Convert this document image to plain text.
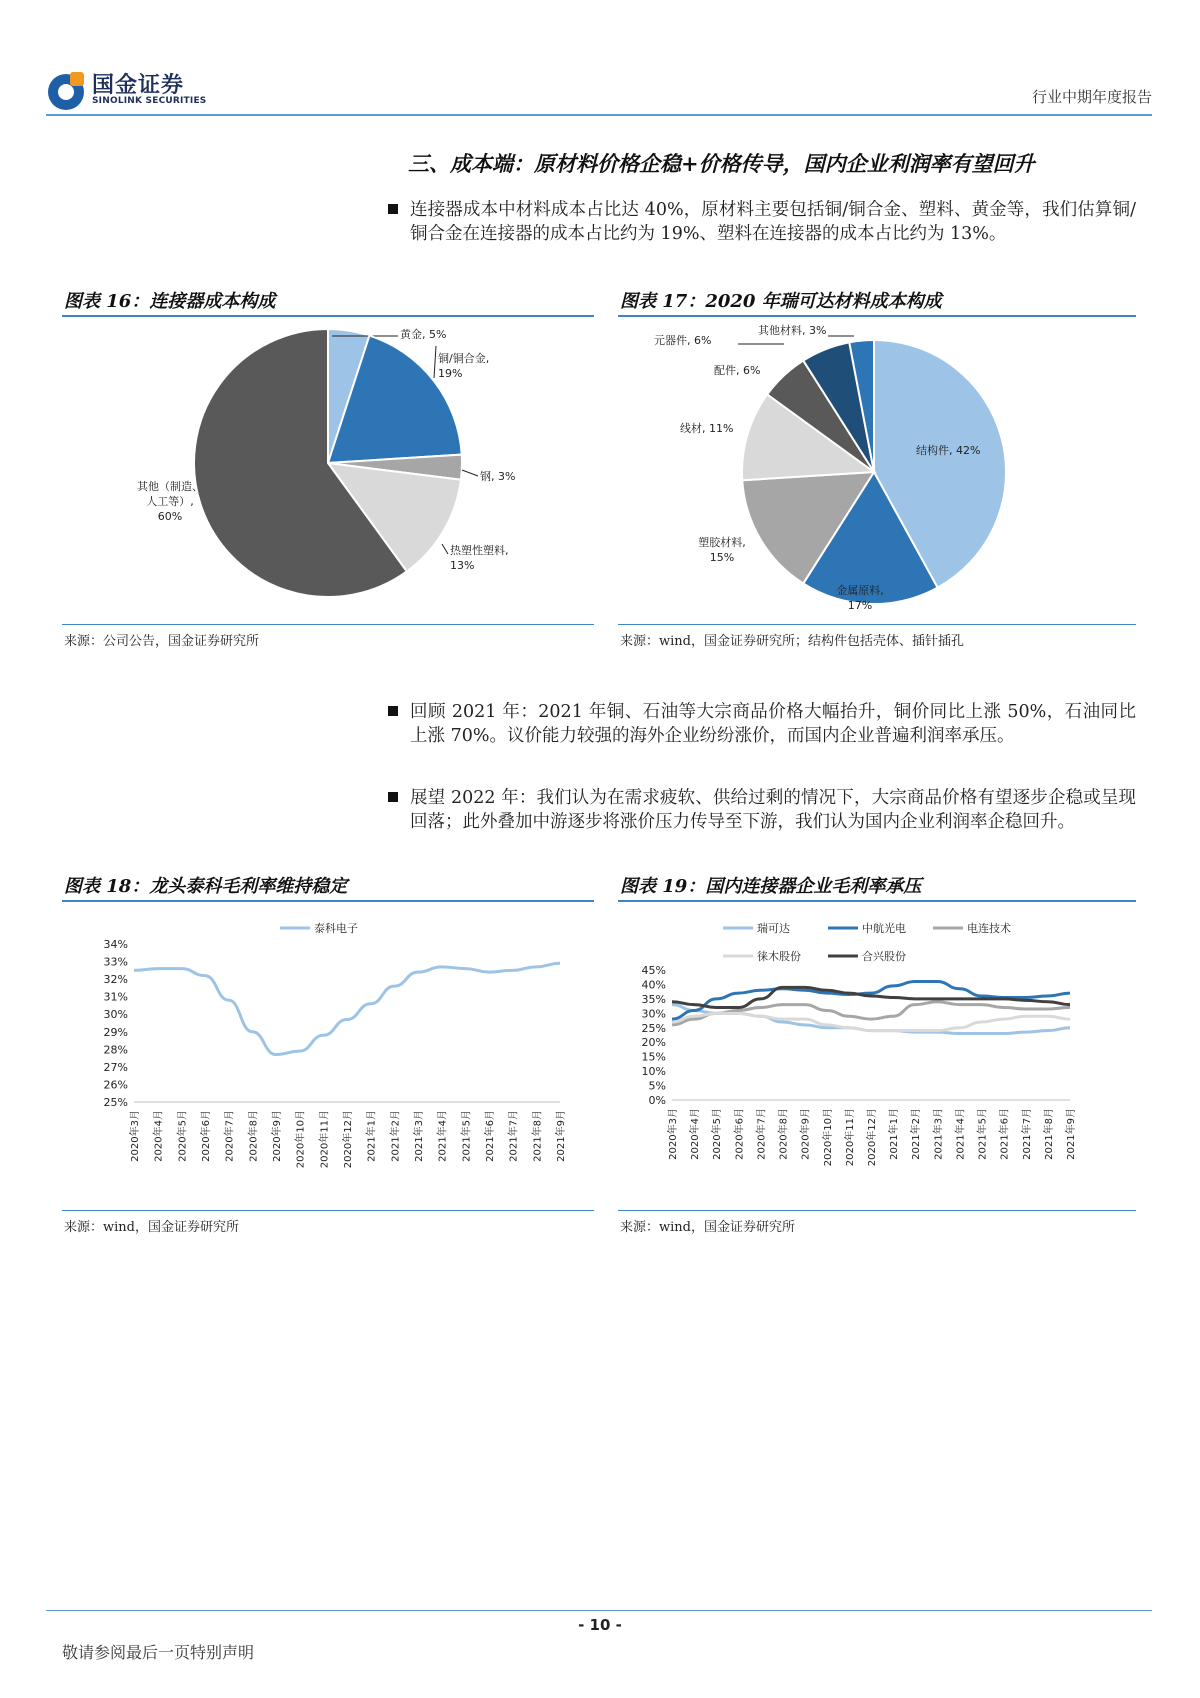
国金证券
SINOLINK SECURITIES	行业中期年度报告
三、成本端：原材料价格企稳+价格传导，国内企业利润率有望回升
连接器成本中材料成本占比达 40%，原材料主要包括铜/铜合金、塑料、黄金等，我们估算铜/铜合金在连接器的成本占比约为 19%、塑料在连接器的成本占比约为 13%。
图表 16：连接器成本构成
黄金, 5%
铜/铜合金,
19%
钢, 3%
热塑性塑料,
13%
其他（制造、
人工等）,
60%
来源：公司公告，国金证券研究所
图表 17：2020 年瑞可达材料成本构成
结构件, 42%
金属原料,
17%
塑胶材料,
15%
线材, 11%
配件, 6%
元器件, 6%
其他材料, 3%
来源：wind，国金证券研究所；结构件包括壳体、插针插孔
回顾 2021 年：2021 年铜、石油等大宗商品价格大幅抬升，铜价同比上涨 50%，石油同比上涨 70%。议价能力较强的海外企业纷纷涨价，而国内企业普遍利润率承压。
展望 2022 年：我们认为在需求疲软、供给过剩的情况下，大宗商品价格有望逐步企稳或呈现回落；此外叠加中游逐步将涨价压力传导至下游，我们认为国内企业利润率企稳回升。
图表 18：龙头泰科毛利率维持稳定
34%
33%
32%
31%
30%
29%
28%
27%
26%
25%
2020年3月 2020年4月 2020年5月 2020年6月 2020年7月 2020年8月 2020年9月 2020年10月 2020年11月 2020年12月 2021年1月 2021年2月 2021年3月 2021年4月 2021年5月 2021年6月 2021年7月 2021年8月 2021年9月
泰科电子
来源：wind，国金证券研究所
图表 19：国内连接器企业毛利率承压
45%
40%
35%
30%
25%
20%
15%
10%
5%
0%
2020年3月 2020年4月 2020年5月 2020年6月 2020年7月 2020年8月 2020年9月 2020年10月 2020年11月 2020年12月 2021年1月 2021年2月 2021年3月 2021年4月 2021年5月 2021年6月 2021年7月 2021年8月 2021年9月
瑞可达	中航光电	电连技术
徕木股份	合兴股份
来源：wind，国金证券研究所
- 10 -
敬请参阅最后一页特别声明
